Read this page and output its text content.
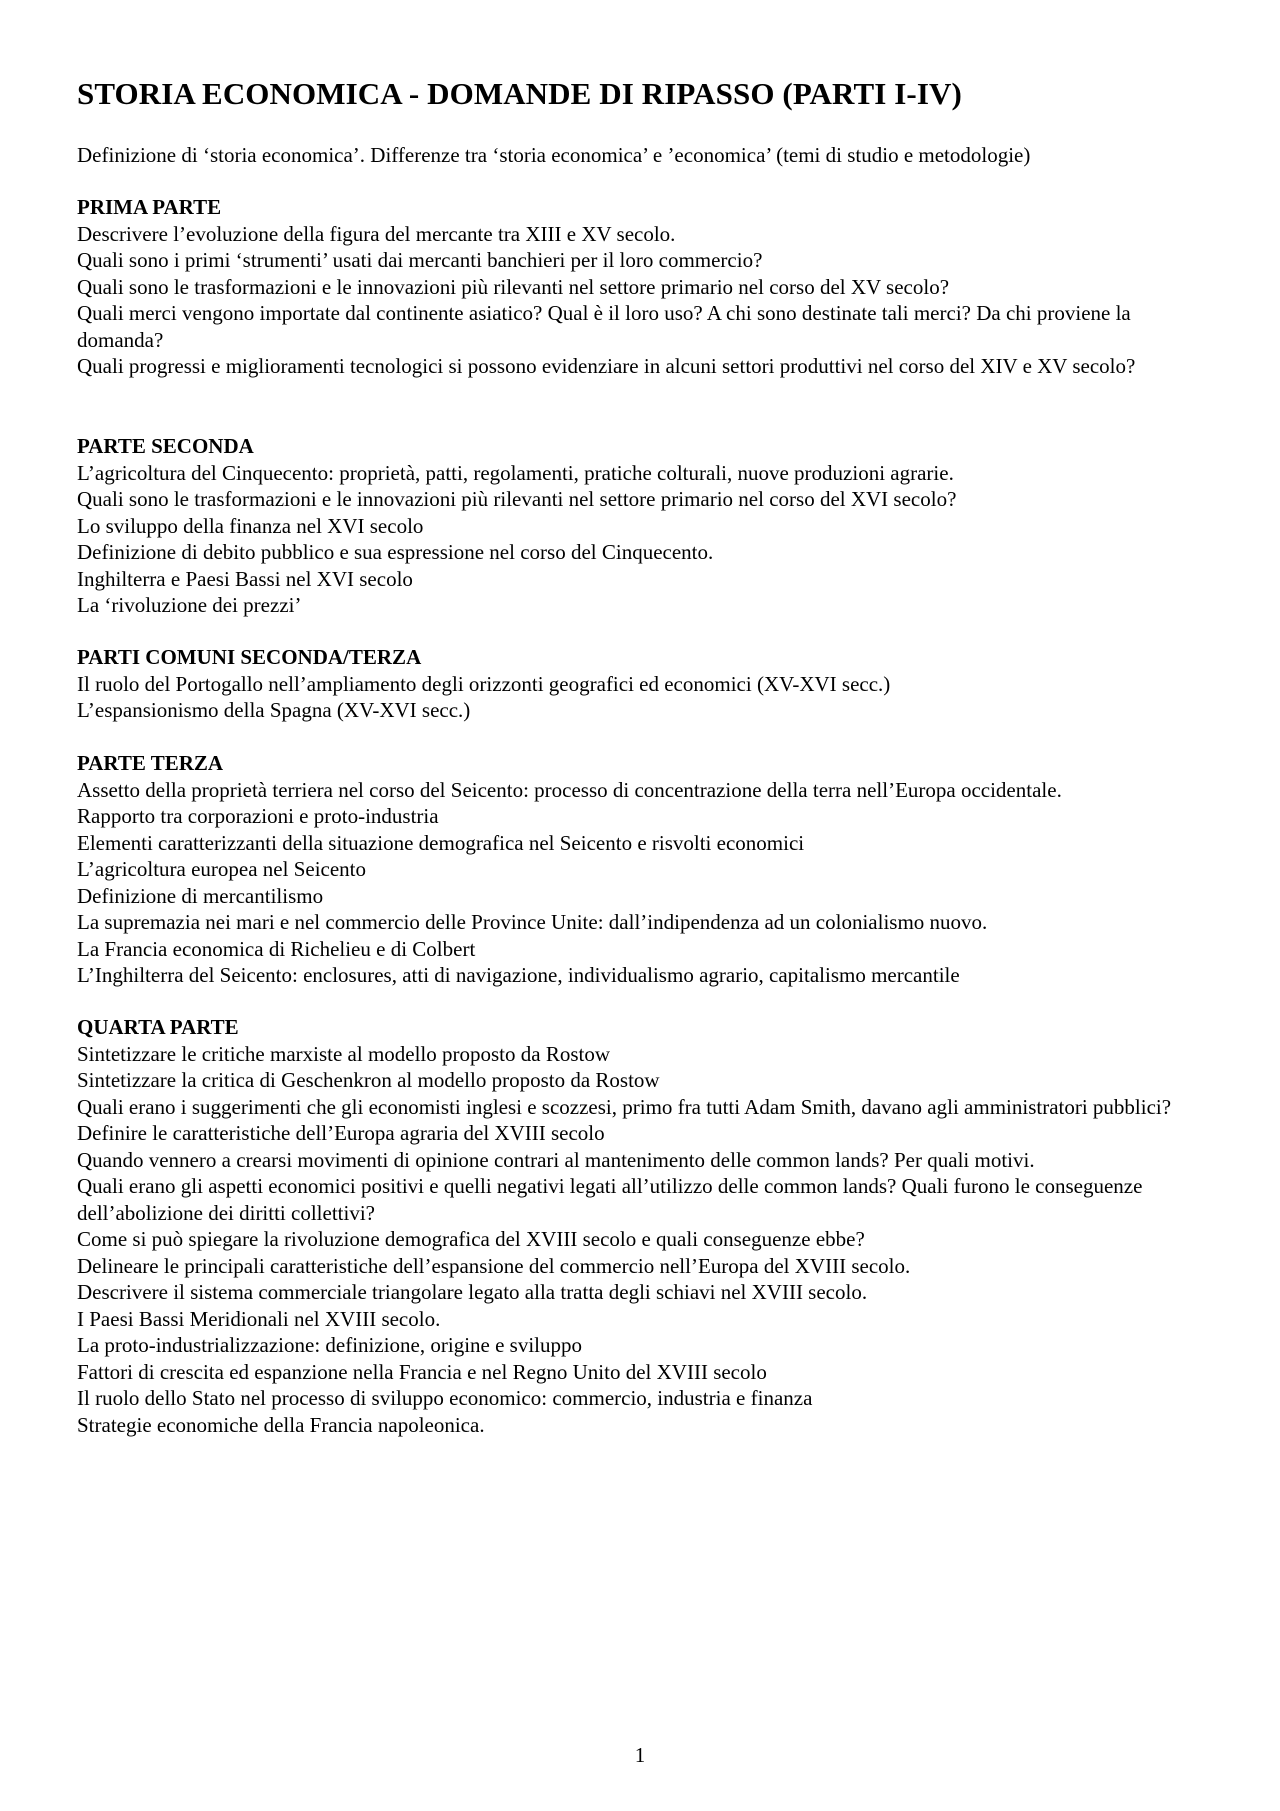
STORIA ECONOMICA - DOMANDE DI RIPASSO (PARTI I-IV)
Definizione di ‘storia economica’. Differenze tra ‘storia economica’ e ’economica’ (temi di studio e metodologie)
PRIMA PARTE
Descrivere l’evoluzione della figura del mercante tra XIII e XV secolo.
Quali sono i primi ‘strumenti’ usati dai mercanti banchieri per il loro commercio?
Quali sono le trasformazioni e le innovazioni più rilevanti nel settore primario nel corso del XV secolo?
Quali merci vengono importate dal continente asiatico? Qual è il loro uso? A chi sono destinate tali merci? Da chi proviene la domanda?
Quali progressi e miglioramenti tecnologici si possono evidenziare in alcuni settori produttivi nel corso del XIV e XV secolo?
PARTE SECONDA
L’agricoltura del Cinquecento: proprietà, patti, regolamenti, pratiche colturali, nuove produzioni agrarie.
Quali sono le trasformazioni e le innovazioni più rilevanti nel settore primario nel corso del XVI secolo?
Lo sviluppo della finanza nel XVI secolo
Definizione di debito pubblico e sua espressione nel corso del Cinquecento.
Inghilterra e Paesi Bassi nel XVI secolo
La ‘rivoluzione dei prezzi’
PARTI COMUNI SECONDA/TERZA
Il ruolo del Portogallo nell’ampliamento degli orizzonti geografici ed economici (XV-XVI secc.)
L’espansionismo della Spagna (XV-XVI secc.)
PARTE TERZA
Assetto della proprietà terriera nel corso del Seicento: processo di concentrazione della terra nell’Europa occidentale.
Rapporto tra corporazioni e proto-industria
Elementi caratterizzanti della situazione demografica nel Seicento e risvolti economici
L’agricoltura europea nel Seicento
Definizione di mercantilismo
La supremazia nei mari e nel commercio delle Province Unite: dall’indipendenza ad un colonialismo nuovo.
La Francia economica di Richelieu e di Colbert
L’Inghilterra del Seicento: enclosures, atti di navigazione, individualismo agrario, capitalismo mercantile
QUARTA PARTE
Sintetizzare le critiche marxiste al modello proposto da Rostow
Sintetizzare la critica di Geschenkron al modello proposto da Rostow
Quali erano i suggerimenti che gli economisti inglesi e scozzesi, primo fra tutti Adam Smith, davano agli amministratori pubblici?
Definire le caratteristiche dell’Europa agraria del XVIII secolo
Quando vennero a crearsi movimenti di opinione contrari al mantenimento delle common lands? Per quali motivi.
Quali erano gli aspetti economici positivi e quelli negativi legati all’utilizzo delle common lands? Quali furono le conseguenze dell’abolizione dei diritti collettivi?
Come si può spiegare la rivoluzione demografica del XVIII secolo e quali conseguenze ebbe?
Delineare le principali caratteristiche dell’espansione del commercio nell’Europa del XVIII secolo.
Descrivere il sistema commerciale triangolare legato alla tratta degli schiavi nel XVIII secolo.
I Paesi Bassi Meridionali nel XVIII secolo.
La proto-industrializzazione: definizione, origine e sviluppo
Fattori di crescita ed espanzione nella Francia e nel Regno Unito del XVIII secolo
Il ruolo dello Stato nel processo di sviluppo economico: commercio, industria e finanza
Strategie economiche della Francia napoleonica.
1
